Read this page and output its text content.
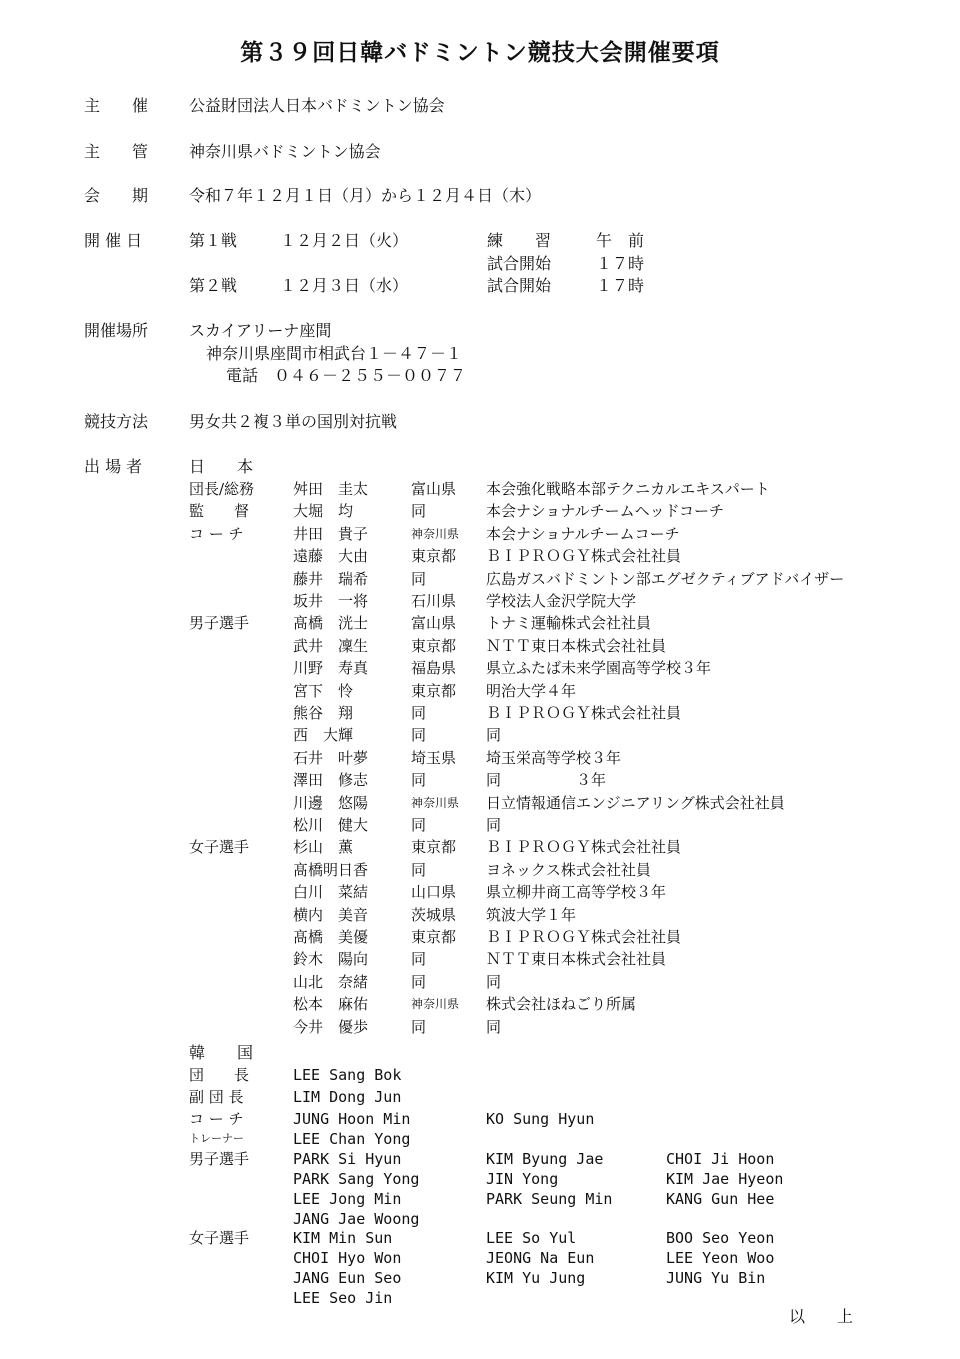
第３９回日韓バドミントン競技大会開催要項
主　　催	公益財団法人日本バドミントン協会
主　　管	神奈川県バドミントン協会
会　　期	令和７年１２月１日（月）から１２月４日（木）
開 催 日	第１戦	１２月２日（火）	練　　習	午　前
試合開始	１７時
第２戦	１２月３日（水）	試合開始	１７時
開催場所	スカイアリーナ座間
神奈川県座間市相武台１－４７－１
電話　０４６－２５５－００７７
競技方法	男女共２複３単の国別対抗戦
出 場 者	日　　本
団長/総務	舛田　圭太	富山県 本会強化戦略本部テクニカルエキスパート
監　　督	大堀　均	同	本会ナショナルチームヘッドコーチ
コ ー チ	井田　貴子	神奈川県 本会ナショナルチームコーチ
遠藤　大由	東京都 ＢＩＰＲＯＧＹ株式会社社員
藤井　瑞希	同	広島ガスバドミントン部エグゼクティブアドバイザー
坂井　一将	石川県 学校法人金沢学院大学
男子選手	髙橋　洸士	富山県 トナミ運輸株式会社社員
武井　凜生	東京都 ＮＴＴ東日本株式会社社員
川野　寿真	福島県 県立ふたば未来学園高等学校３年
宮下　怜	東京都 明治大学４年
熊谷　翔	同	ＢＩＰＲＯＧＹ株式会社社員
西　大輝	同	同
石井　叶夢	埼玉県 埼玉栄高等学校３年
澤田　修志	同	同　　　　　３年
川邊　悠陽	神奈川県 日立情報通信エンジニアリング株式会社社員
松川　健大	同	同
女子選手	杉山　薫	東京都 ＢＩＰＲＯＧＹ株式会社社員
髙橋明日香	同	ヨネックス株式会社社員
白川　菜結	山口県 県立柳井商工高等学校３年
横内　美音	茨城県 筑波大学１年
髙橋　美優	東京都 ＢＩＰＲＯＧＹ株式会社社員
鈴木　陽向	同	ＮＴＴ東日本株式会社社員
山北　奈緒	同	同
松本　麻佑	神奈川県 株式会社ほねごり所属
今井　優歩	同	同
韓　　国
団　　長	LEE Sang Bok
副 団 長	LIM Dong Jun
コ ー チ	JUNG Hoon Min	KO Sung Hyun
トレーナー	LEE Chan Yong
男子選手	PARK Si Hyun	KIM Byung Jae	CHOI Ji Hoon
PARK Sang Yong	JIN Yong	KIM Jae Hyeon
LEE Jong Min	PARK Seung Min	KANG Gun Hee
JANG Jae Woong
女子選手	KIM Min Sun	LEE So Yul	BOO Seo Yeon
CHOI Hyo Won	JEONG Na Eun	LEE Yeon Woo
JANG Eun Seo	KIM Yu Jung	JUNG Yu Bin
LEE Seo Jin
以　　上
